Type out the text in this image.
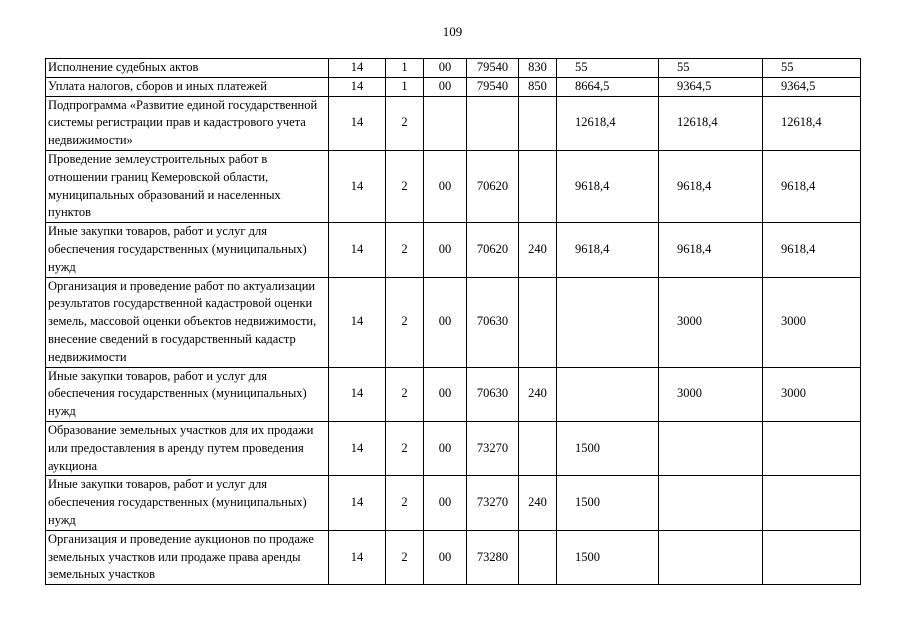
109
Исполнение судебных актов	14	1	00	79540	830	55	55	55
Уплата налогов, сборов и иных платежей	14	1	00	79540	850	8664,5	9364,5	9364,5
Подпрограмма «Развитие единой государственной системы регистрации прав и кадастрового учета недвижимости»	14	2				12618,4	12618,4	12618,4
Проведение землеустроительных работ в отношении границ Кемеровской области, муниципальных образований и населенных пунктов	14	2	00	70620		9618,4	9618,4	9618,4
Иные закупки товаров, работ и услуг для обеспечения государственных (муниципальных) нужд	14	2	00	70620	240	9618,4	9618,4	9618,4
Организация и проведение работ по актуализации результатов государственной кадастровой оценки земель, массовой оценки объектов недвижимости, внесение сведений в государственный кадастр недвижимости	14	2	00	70630			3000	3000
Иные закупки товаров, работ и услуг для обеспечения государственных (муниципальных) нужд	14	2	00	70630	240		3000	3000
Образование земельных участков для их продажи или предоставления в аренду путем проведения аукциона	14	2	00	73270		1500		
Иные закупки товаров, работ и услуг для обеспечения государственных (муниципальных) нужд	14	2	00	73270	240	1500		
Организация и проведение аукционов по продаже земельных участков или продаже права аренды земельных участков	14	2	00	73280		1500		
